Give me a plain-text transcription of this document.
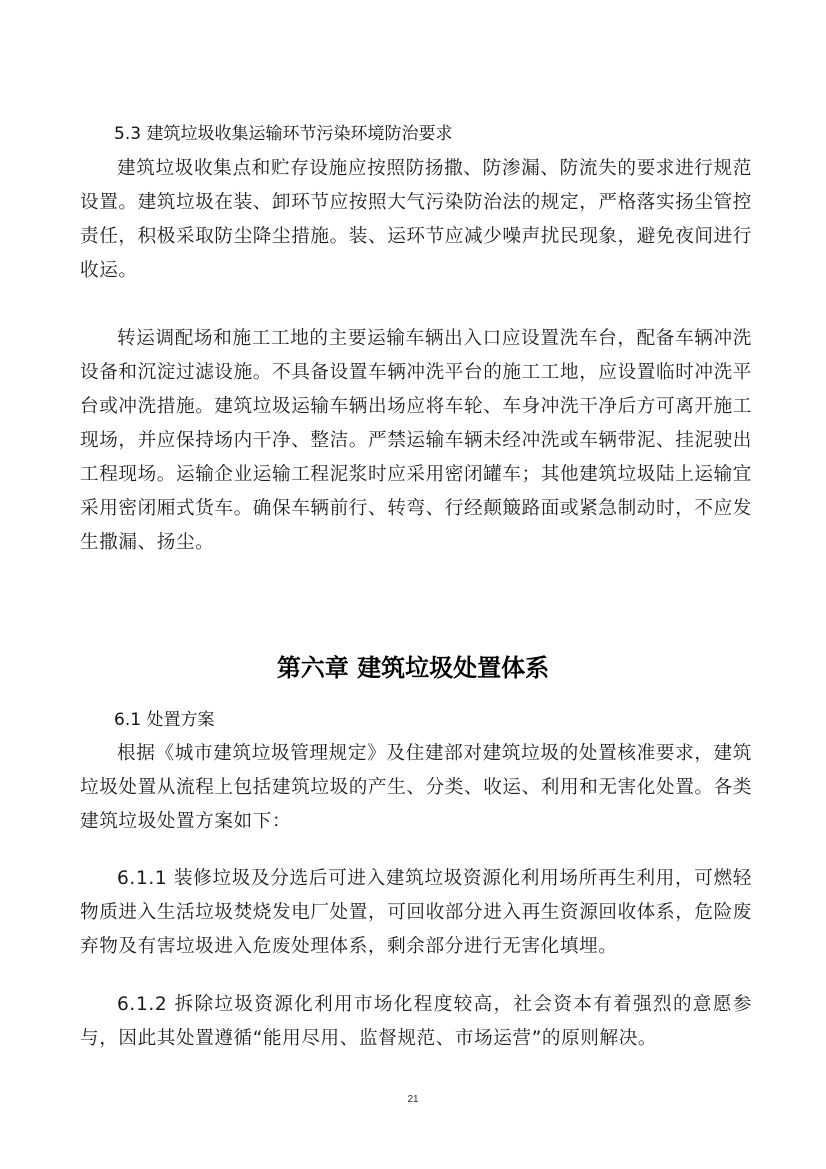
5.3 建筑垃圾收集运输环节污染环境防治要求

建筑垃圾收集点和贮存设施应按照防扬撒、防渗漏、防流失的要求进行规范设置。建筑垃圾在装、卸环节应按照大气污染防治法的规定，严格落实扬尘管控责任，积极采取防尘降尘措施。装、运环节应减少噪声扰民现象，避免夜间进行收运。

转运调配场和施工工地的主要运输车辆出入口应设置洗车台，配备车辆冲洗设备和沉淀过滤设施。不具备设置车辆冲洗平台的施工工地，应设置临时冲洗平台或冲洗措施。建筑垃圾运输车辆出场应将车轮、车身冲洗干净后方可离开施工现场，并应保持场内干净、整洁。严禁运输车辆未经冲洗或车辆带泥、挂泥驶出工程现场。运输企业运输工程泥浆时应采用密闭罐车；其他建筑垃圾陆上运输宜采用密闭厢式货车。确保车辆前行、转弯、行经颠簸路面或紧急制动时，不应发生撒漏、扬尘。

第六章 建筑垃圾处置体系
6.1 处置方案

根据《城市建筑垃圾管理规定》及住建部对建筑垃圾的处置核准要求，建筑垃圾处置从流程上包括建筑垃圾的产生、分类、收运、利用和无害化处置。各类建筑垃圾处置方案如下：

6.1.1 装修垃圾及分选后可进入建筑垃圾资源化利用场所再生利用，可燃轻物质进入生活垃圾焚烧发电厂处置，可回收部分进入再生资源回收体系，危险废弃物及有害垃圾进入危废处理体系，剩余部分进行无害化填埋。

6.1.2 拆除垃圾资源化利用市场化程度较高，社会资本有着强烈的意愿参与，因此其处置遵循“能用尽用、监督规范、市场运营”的原则解决。

21
